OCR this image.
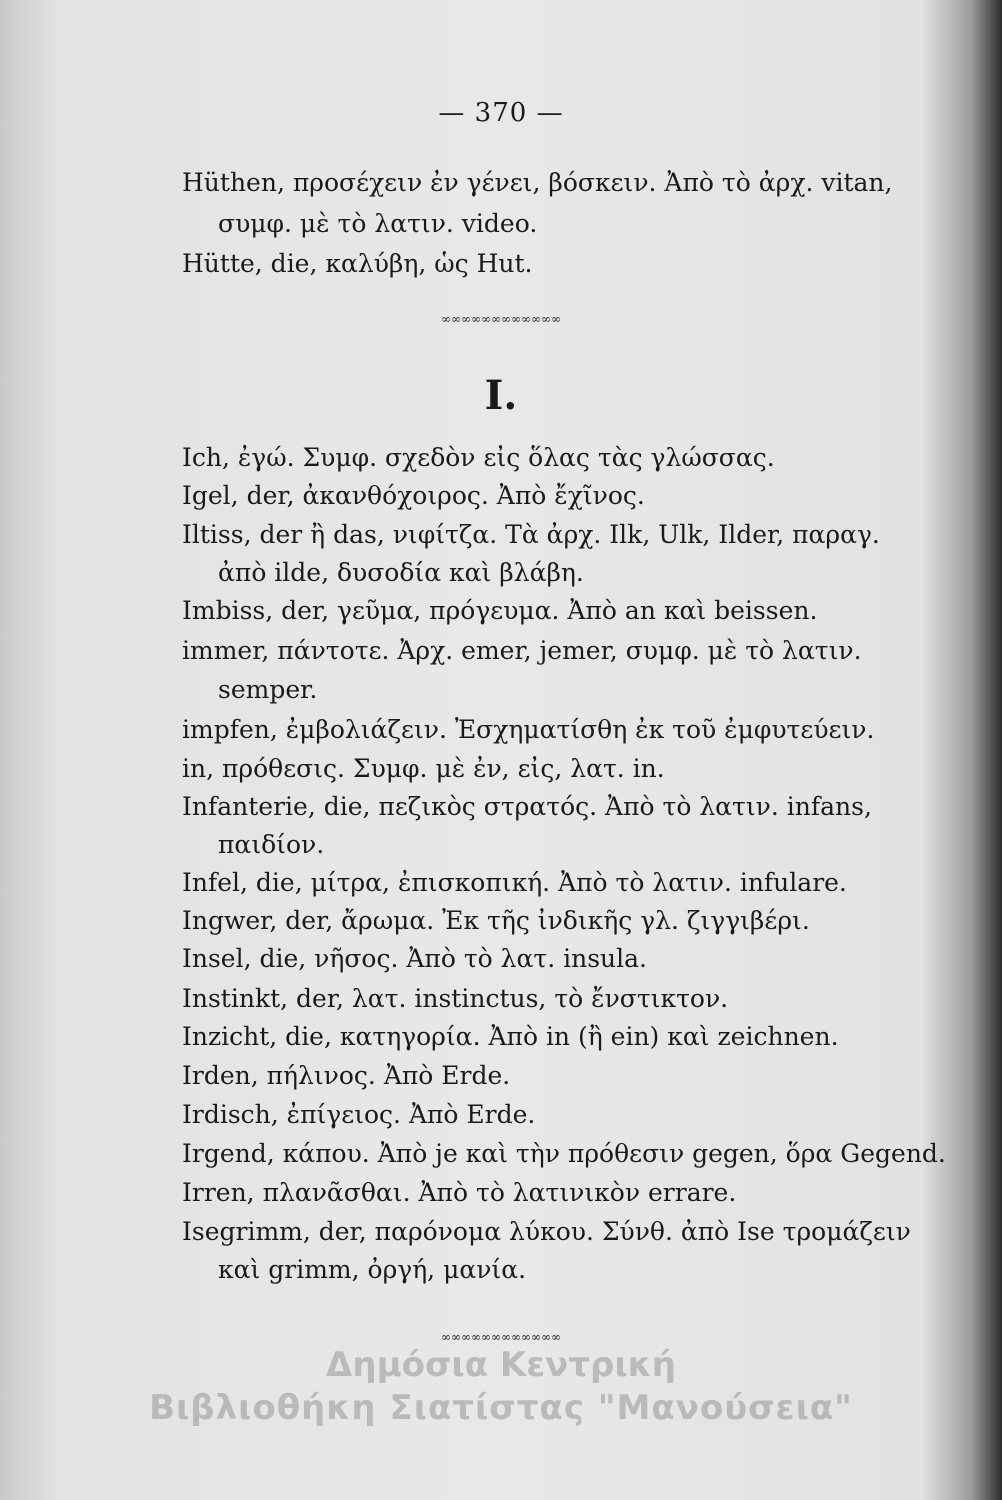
— 370 —
Hüthen, προσέχειν ἐν γένει, βόσκειν. Ἀπὸ τὸ ἀρχ. vitan,
συμφ. μὲ τὸ λατιν. video.
Hütte, die, καλύβη, ὡς Hut.
∞∞∞∞∞∞∞∞∞∞∞∞
I.
Ich, ἐγώ. Συμφ. σχεδὸν εἰς ὅλας τὰς γλώσσας.
Igel, der, ἀκανθόχοιρος. Ἀπὸ ἔχῖνος.
Iltiss, der ἢ das, νιφίτζα. Τὰ ἀρχ. Ilk, Ulk, Ilder, παραγ.
ἀπὸ ilde, δυσοδία καὶ βλάβη.
Imbiss, der, γεῦμα, πρόγευμα. Ἀπὸ an καὶ beissen.
immer, πάντοτε. Ἀρχ. emer, jemer, συμφ. μὲ τὸ λατιν.
semper.
impfen, ἐμβολιάζειν. Ἐσχηματίσθη ἐκ τοῦ ἐμφυτεύειν.
in, πρόθεσις. Συμφ. μὲ ἐν, εἰς, λατ. in.
Infanterie, die, πεζικὸς στρατός. Ἀπὸ τὸ λατιν. infans,
παιδίον.
Infel, die, μίτρα, ἐπισκοπική. Ἀπὸ τὸ λατιν. infulare.
Ingwer, der, ἄρωμα. Ἐκ τῆς ἰνδικῆς γλ. ζιγγιβέρι.
Insel, die, νῆσος. Ἀπὸ τὸ λατ. insula.
Instinkt, der, λατ. instinctus, τὸ ἔνστικτον.
Inzicht, die, κατηγορία. Ἀπὸ in (ἢ ein) καὶ zeichnen.
Irden, πήλινος. Ἀπὸ Erde.
Irdisch, ἐπίγειος. Ἀπὸ Erde.
Irgend, κάπου. Ἀπὸ je καὶ τὴν πρόθεσιν gegen, ὅρα Gegend.
Irren, πλανᾶσθαι. Ἀπὸ τὸ λατινικὸν errare.
Isegrimm, der, παρόνομα λύκου. Σύνθ. ἀπὸ Ise τρομάζειν
καὶ grimm, ὀργή, μανία.
∞∞∞∞∞∞∞∞∞∞∞∞
Δημόσια Κεντρική
Βιβλιοθήκη Σιατίστας "Μανούσεια"
